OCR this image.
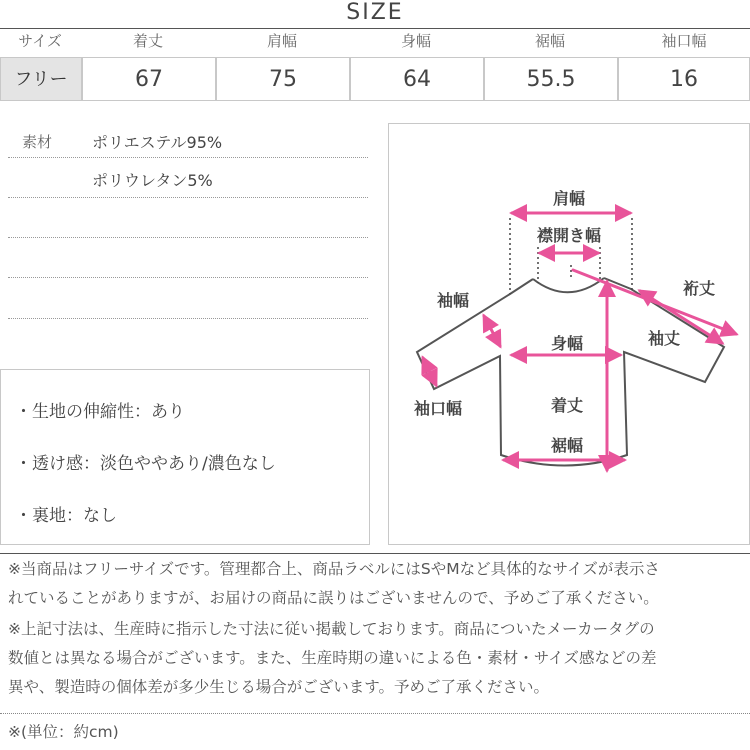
SIZE
サイズ	着丈	肩幅	身幅	裾幅	袖口幅
フリー	67	75	64	55.5	16
素材 ポリエステル95%
ポリウレタン5%
・生地の伸縮性：あり
・透け感：淡色ややあり/濃色なし
・裏地：なし
肩幅
襟開き幅
裄丈
袖幅
袖丈
身幅
袖口幅	着丈
裾幅
※当商品はフリーサイズです。管理都合上、商品ラベルにはSやMなど具体的なサイズが表示さ
れていることがありますが、お届けの商品に誤りはございませんので、予めご了承ください。
※上記寸法は、生産時に指示した寸法に従い掲載しております。商品についたメーカータグの
数値とは異なる場合がございます。また、生産時期の違いによる色・素材・サイズ感などの差
異や、製造時の個体差が多少生じる場合がございます。予めご了承ください。
※(単位：約cm)
